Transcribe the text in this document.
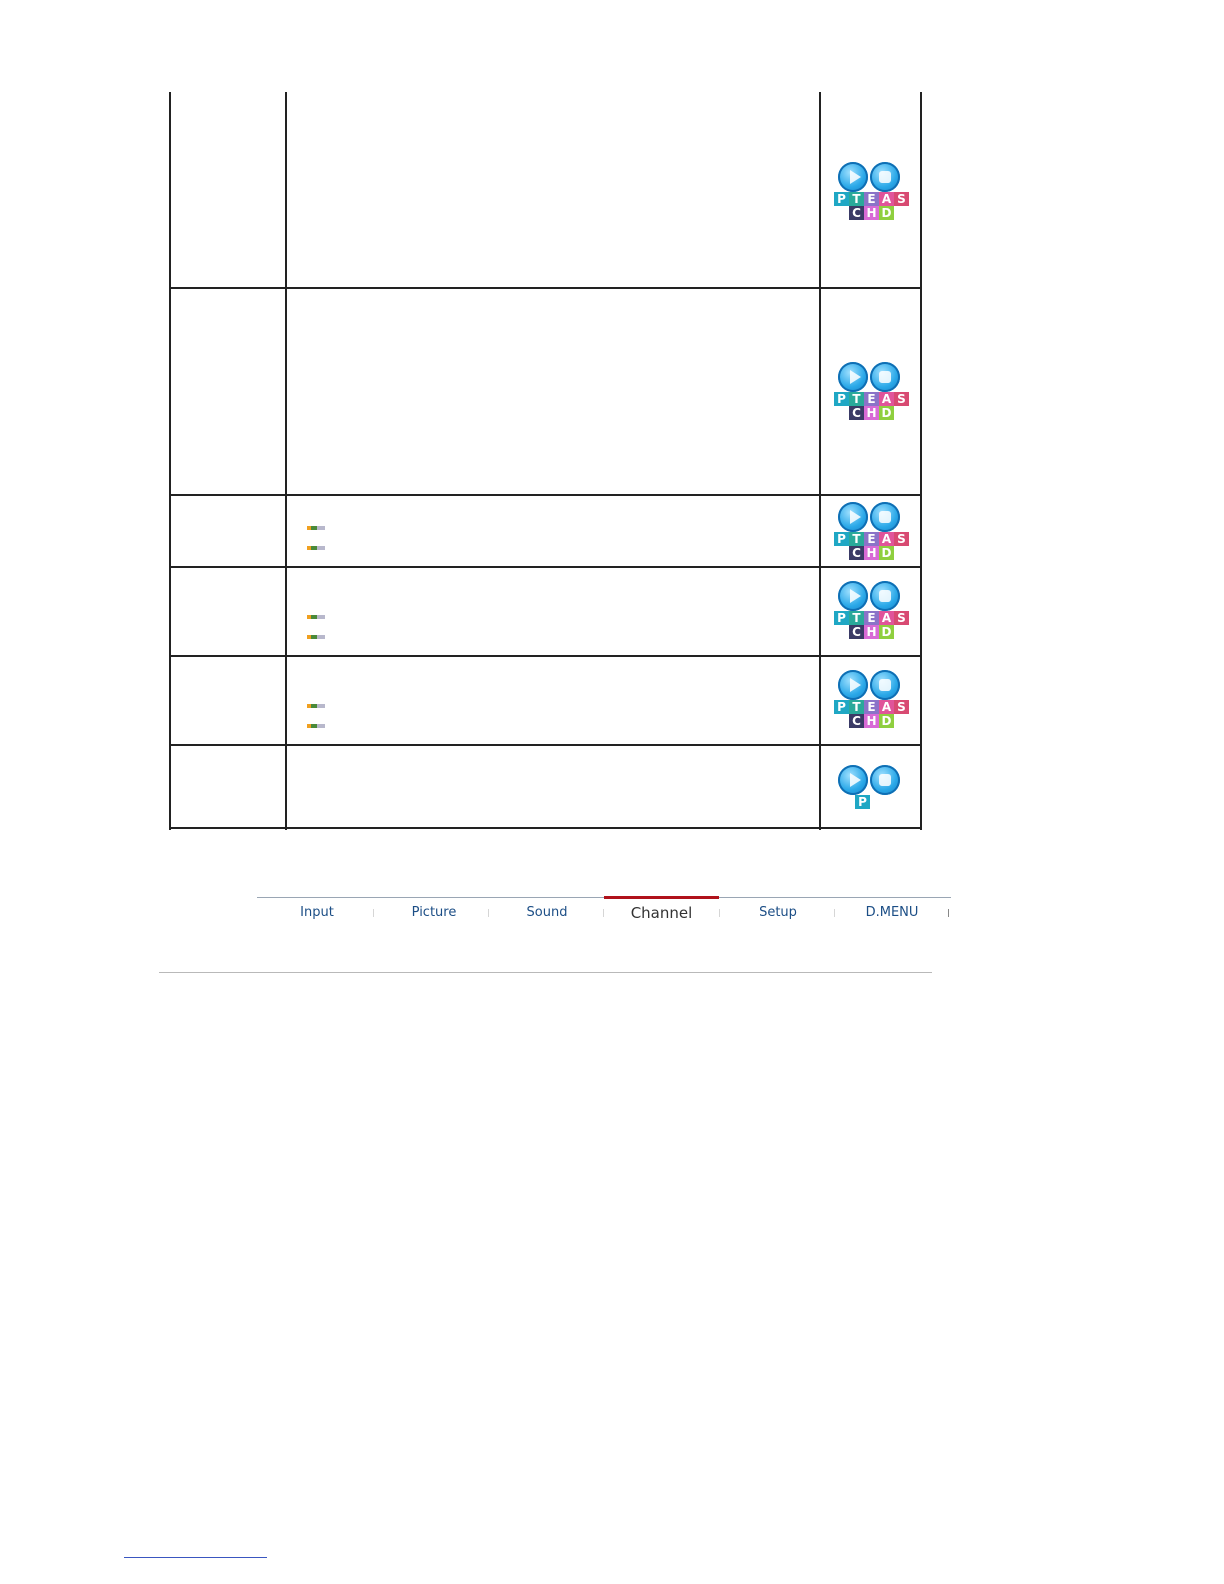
P T E A S
C H D
P T E A S
C H D
P T E A S
C H D
P T E A S
C H D
P T E A S
C H D
P
Input	Picture	Sound	Channel	Setup	D.MENU
